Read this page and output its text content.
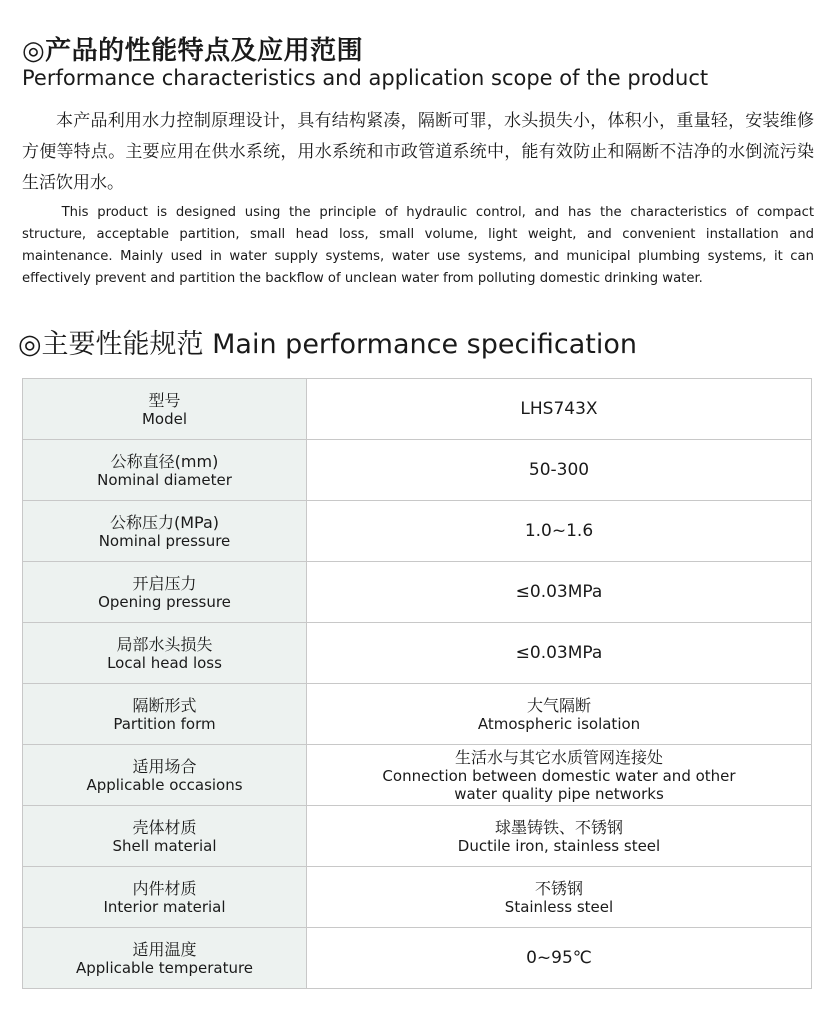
◎产品的性能特点及应用范围
Performance characteristics and application scope of the product
本产品利用水力控制原理设计，具有结构紧凑，隔断可罪，水头损失小，体积小，重量轻，安装维修方便等特点。主要应用在供水系统，用水系统和市政管道系统中，能有效防止和隔断不洁净的水倒流污染生活饮用水。
This product is designed using the principle of hydraulic control, and has the characteristics of compact structure, acceptable partition, small head loss, small volume, light weight, and convenient installation and maintenance. Mainly used in water supply systems, water use systems, and municipal plumbing systems, it can effectively prevent and partition the backflow of unclean water from polluting domestic drinking water.
◎主要性能规范 Main performance specification
型号
Model	LHS743X

公称直径(mm)
Nominal diameter	50-300

公称压力(MPa)
Nominal pressure	1.0~1.6

开启压力
Opening pressure	≤0.03MPa

局部水头损失
Local head loss	≤0.03MPa

隔断形式
Partition form	大气隔断
Atmospheric isolation

适用场合
Applicable occasions	生活水与其它水质管网连接处
Connection between domestic water and other water quality pipe networks

壳体材质
Shell material	球墨铸铁、不锈钢
Ductile iron, stainless steel

内件材质
Interior material	不锈钢
Stainless steel

适用温度
Applicable temperature	0~95℃
